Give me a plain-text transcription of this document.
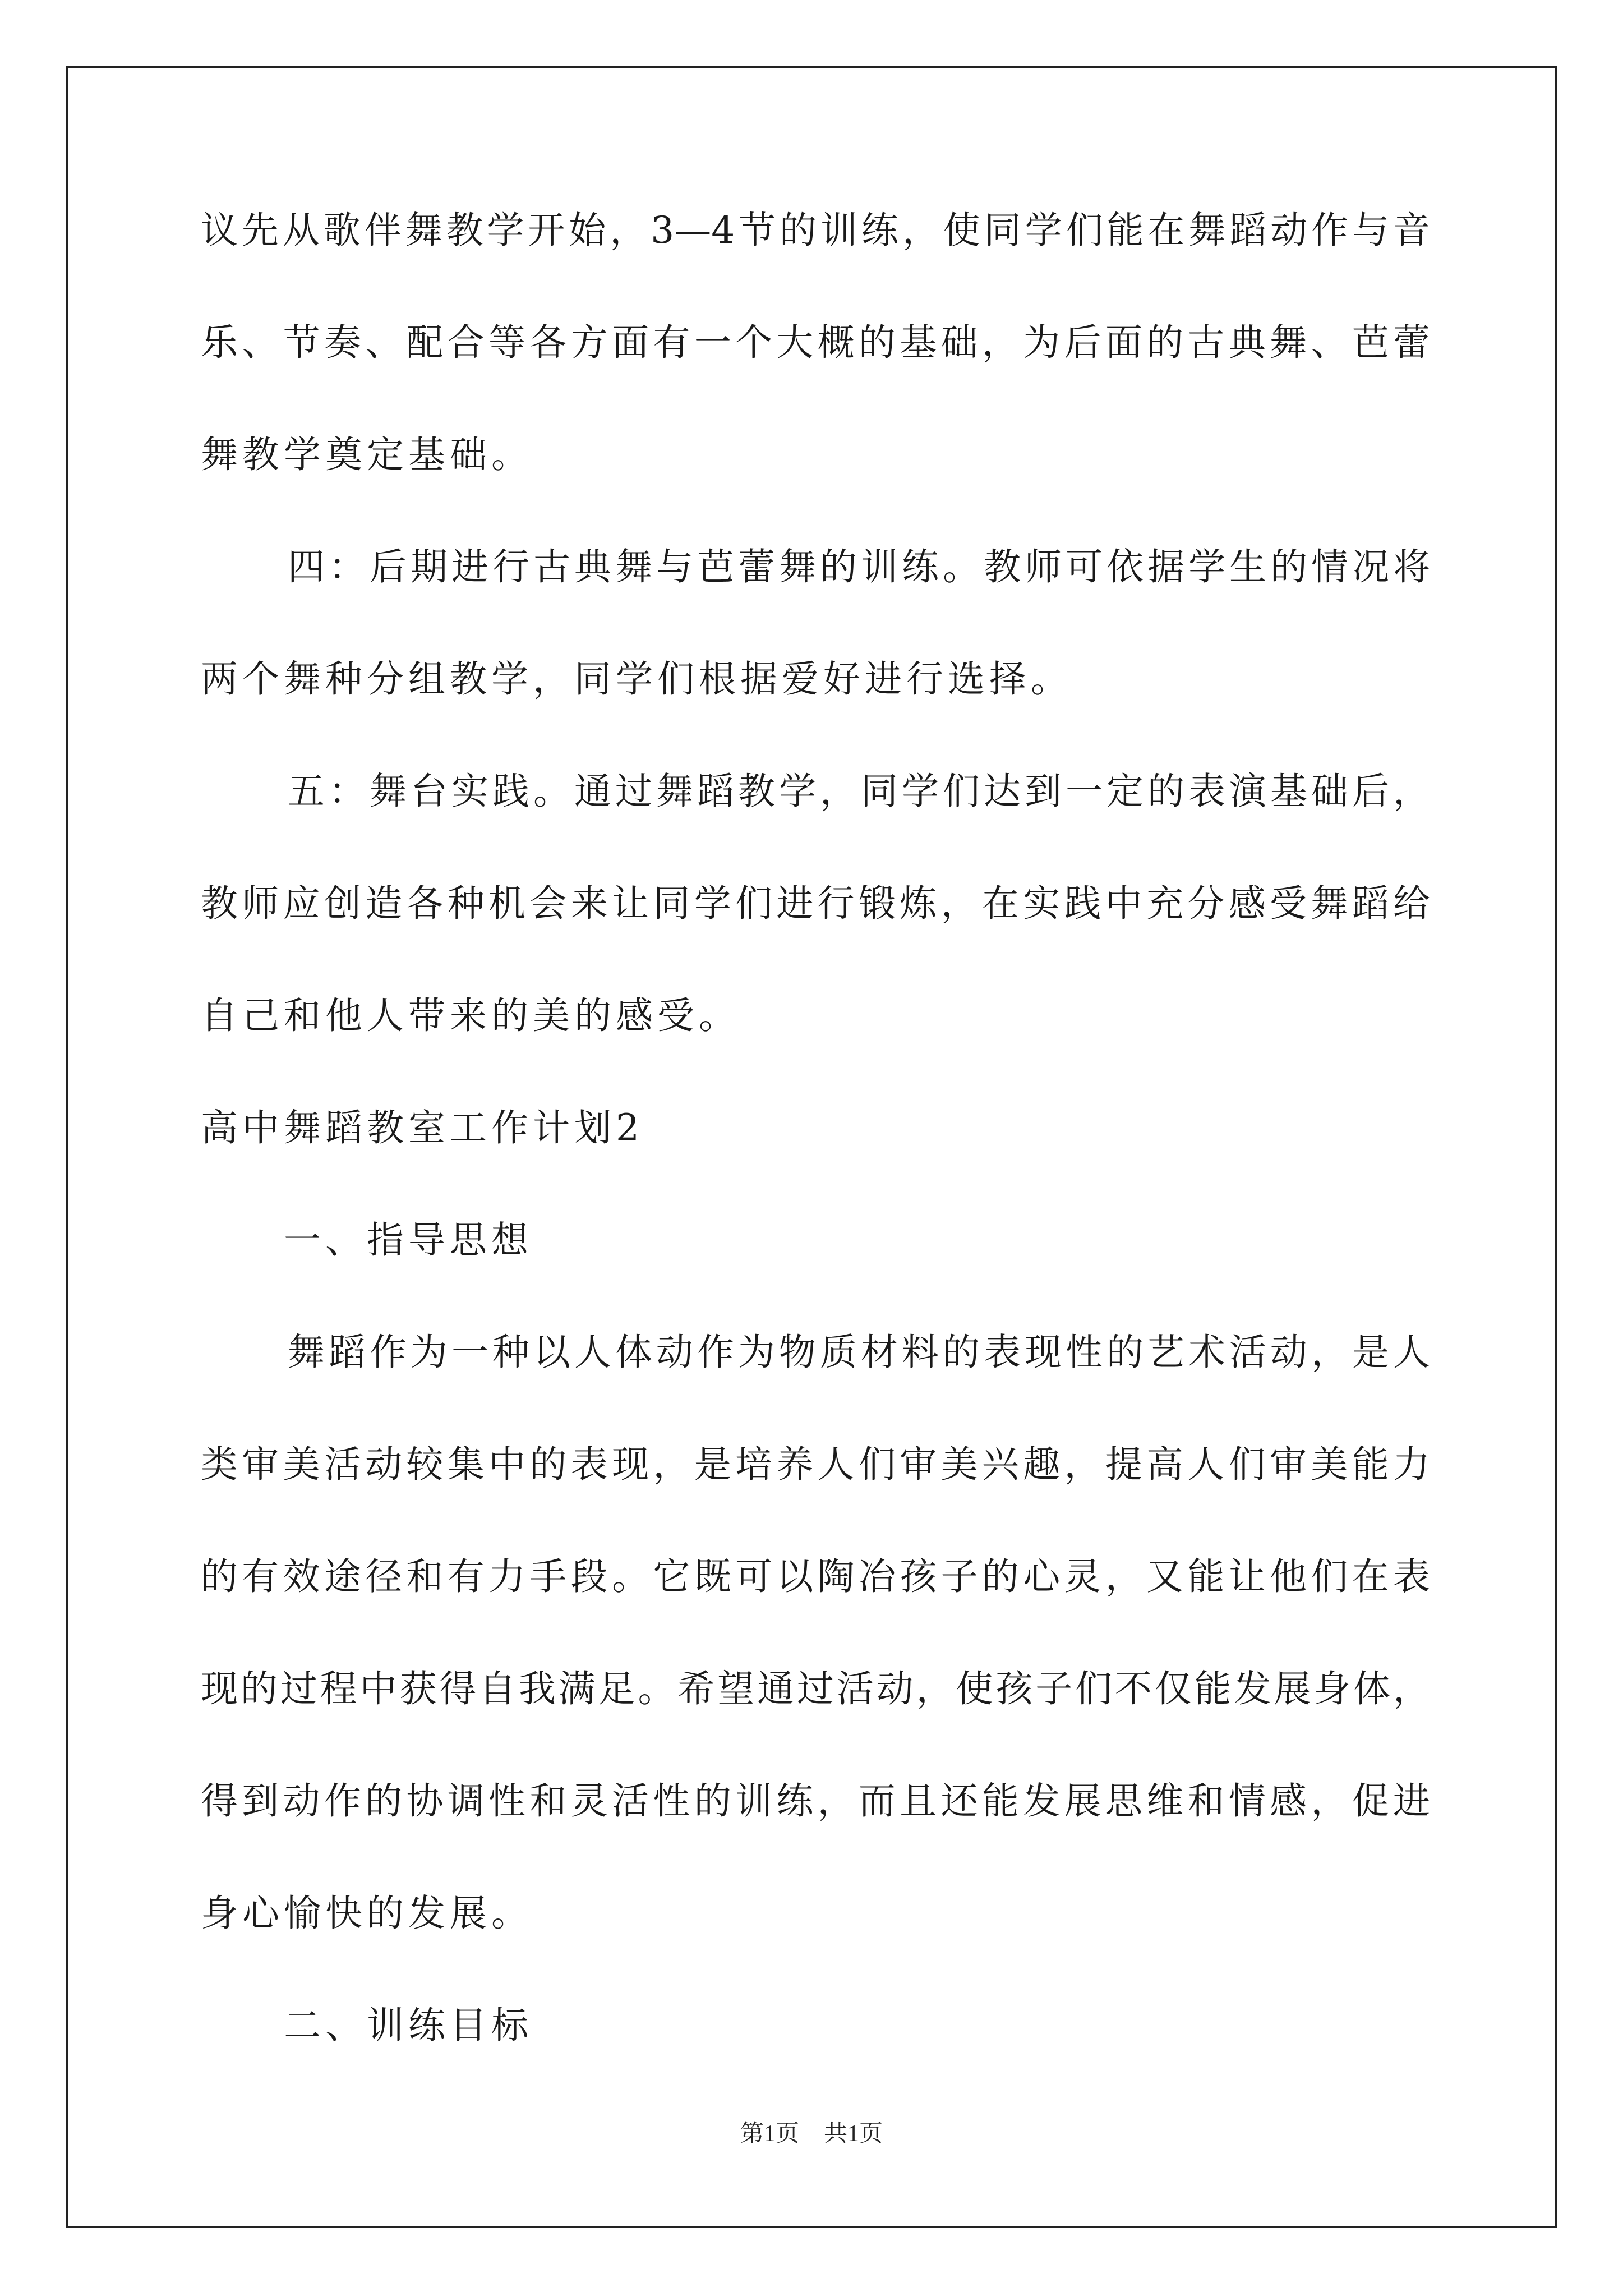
议先从歌伴舞教学开始，3—4节的训练，使同学们能在舞蹈动作与音
乐、节奏、配合等各方面有一个大概的基础，为后面的古典舞、芭蕾
舞教学奠定基础。
四：后期进行古典舞与芭蕾舞的训练。教师可依据学生的情况将
两个舞种分组教学，同学们根据爱好进行选择。
五：舞台实践。通过舞蹈教学，同学们达到一定的表演基础后，
教师应创造各种机会来让同学们进行锻炼，在实践中充分感受舞蹈给
自己和他人带来的美的感受。
高中舞蹈教室工作计划2
一、指导思想
舞蹈作为一种以人体动作为物质材料的表现性的艺术活动，是人
类审美活动较集中的表现，是培养人们审美兴趣，提高人们审美能力
的有效途径和有力手段。它既可以陶冶孩子的心灵，又能让他们在表
现的过程中获得自我满足。希望通过活动，使孩子们不仅能发展身体，
得到动作的协调性和灵活性的训练，而且还能发展思维和情感，促进
身心愉快的发展。
二、训练目标
第1页 共1页
